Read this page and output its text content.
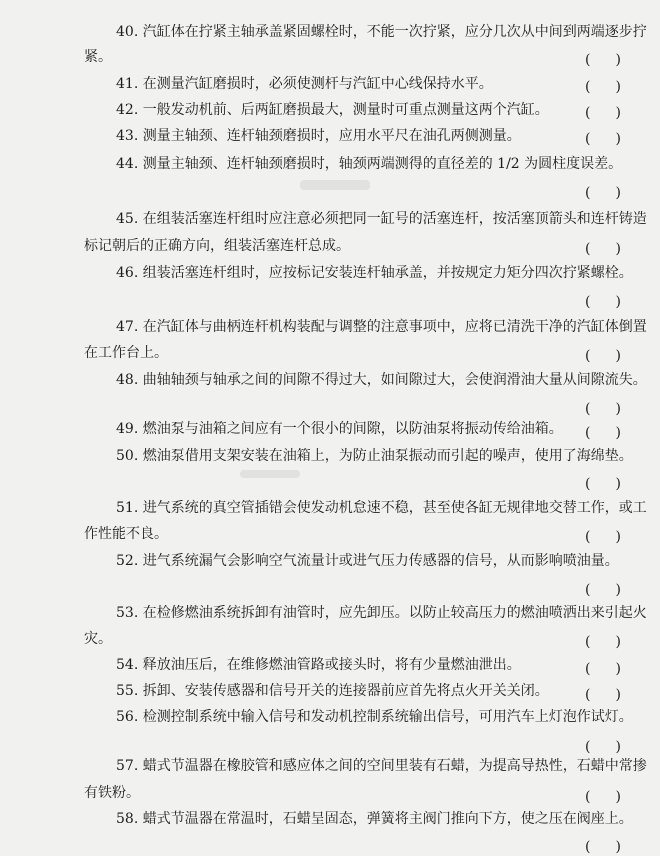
40. 汽缸体在拧紧主轴承盖紧固螺栓时，不能一次拧紧，应分几次从中间到两端逐步拧
紧。
41. 在测量汽缸磨损时，必须使测杆与汽缸中心线保持水平。
42. 一般发动机前、后两缸磨损最大，测量时可重点测量这两个汽缸。
43. 测量主轴颈、连杆轴颈磨损时，应用水平尺在油孔两侧测量。
44. 测量主轴颈、连杆轴颈磨损时，轴颈两端测得的直径差的 1/2 为圆柱度误差。
45. 在组装活塞连杆组时应注意必须把同一缸号的活塞连杆，按活塞顶箭头和连杆铸造
标记朝后的正确方向，组装活塞连杆总成。
46. 组装活塞连杆组时，应按标记安装连杆轴承盖，并按规定力矩分四次拧紧螺栓。
47. 在汽缸体与曲柄连杆机构装配与调整的注意事项中，应将已清洗干净的汽缸体倒置
在工作台上。
48. 曲轴轴颈与轴承之间的间隙不得过大，如间隙过大，会使润滑油大量从间隙流失。
49. 燃油泵与油箱之间应有一个很小的间隙，以防油泵将振动传给油箱。
50. 燃油泵借用支架安装在油箱上，为防止油泵振动而引起的噪声，使用了海绵垫。
51. 进气系统的真空管插错会使发动机怠速不稳，甚至使各缸无规律地交替工作，或工
作性能不良。
52. 进气系统漏气会影响空气流量计或进气压力传感器的信号，从而影响喷油量。
53. 在检修燃油系统拆卸有油管时，应先卸压。以防止较高压力的燃油喷洒出来引起火
灾。
54. 释放油压后，在维修燃油管路或接头时，将有少量燃油泄出。
55. 拆卸、安装传感器和信号开关的连接器前应首先将点火开关关闭。
56. 检测控制系统中输入信号和发动机控制系统输出信号，可用汽车上灯泡作试灯。
57. 蜡式节温器在橡胶管和感应体之间的空间里装有石蜡，为提高导热性，石蜡中常掺
有铁粉。
58. 蜡式节温器在常温时，石蜡呈固态，弹簧将主阀门推向下方，使之压在阀座上。
( )
( )
( )
( )
( )
( )
( )
( )
( )
( )
( )
( )
( )
( )
( )
( )
( )
( )
( )
